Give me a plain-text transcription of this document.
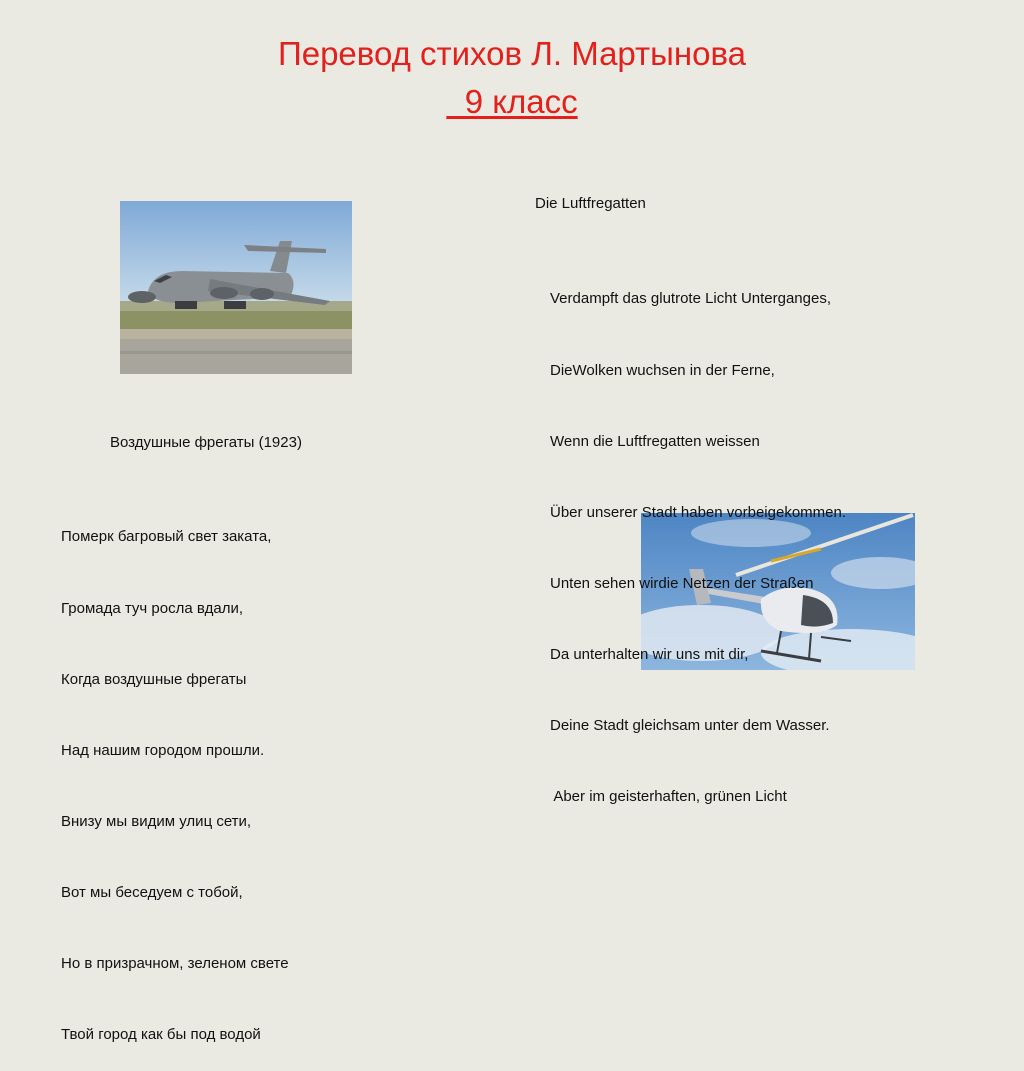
Перевод стихов Л. Мартынова
9 класс
Воздушные фрегаты (1923)

Померк багровый свет заката,

Громада туч росла вдали,

Когда воздушные фрегаты

Над нашим городом прошли.

Внизу мы видим улиц сети,

Вот мы беседуем с тобой,

Но в призрачном, зеленом свете

Твой город как бы под водой

Die Luftfregatten

Verdampft das glutrote Licht Unterganges,

DieWolken wuchsen in der Ferne,

Wenn die Luftfregatten weissen

Über unserer Stadt haben vorbeigekommen.

Unten sehen wirdie Netzen der Straßen

Da unterhalten wir uns mit dir,

Deine Stadt gleichsam unter dem Wasser.

Aber im geisterhaften, grünen Licht
